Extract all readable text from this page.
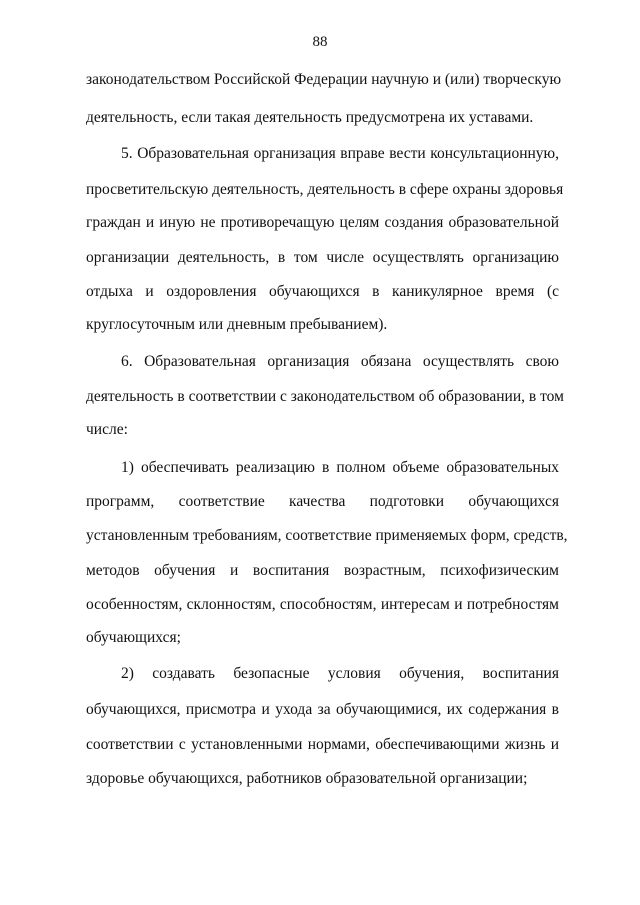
88
законодательством Российской Федерации научную и (или) творческую
деятельность, если такая деятельность предусмотрена их уставами.
5. Образовательная организация вправе вести консультационную,
просветительскую деятельность, деятельность в сфере охраны здоровья
граждан и иную не противоречащую целям создания образовательной
организации деятельность, в том числе осуществлять организацию
отдыха и оздоровления обучающихся в каникулярное время (с
круглосуточным или дневным пребыванием).
6. Образовательная организация обязана осуществлять свою
деятельность в соответствии с законодательством об образовании, в том
числе:
1) обеспечивать реализацию в полном объеме образовательных
программ, соответствие качества подготовки обучающихся
установленным требованиям, соответствие применяемых форм, средств,
методов обучения и воспитания возрастным, психофизическим
особенностям, склонностям, способностям, интересам и потребностям
обучающихся;
2) создавать безопасные условия обучения, воспитания
обучающихся, присмотра и ухода за обучающимися, их содержания в
соответствии с установленными нормами, обеспечивающими жизнь и
здоровье обучающихся, работников образовательной организации;
